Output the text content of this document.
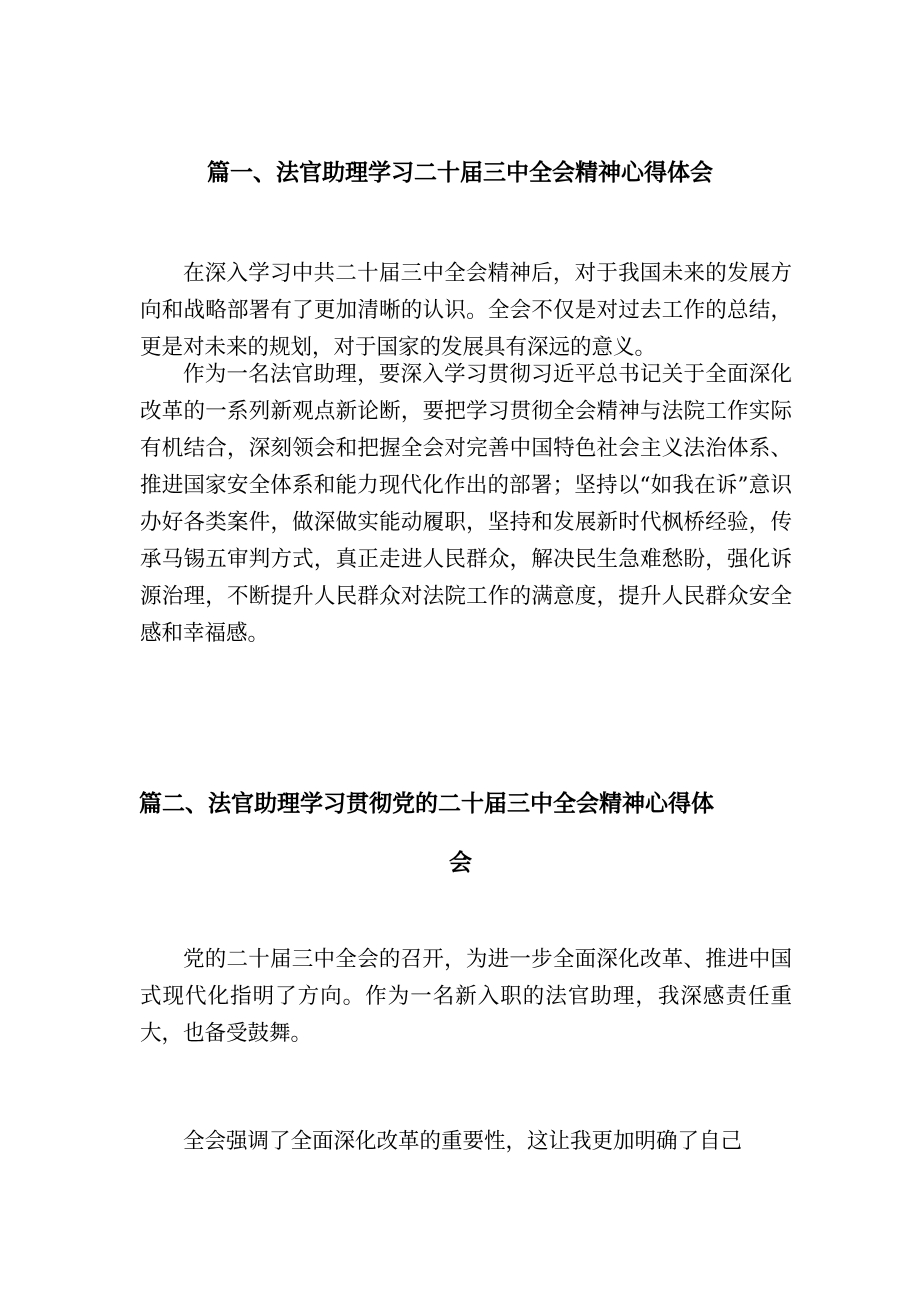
篇一、法官助理学习二十届三中全会精神心得体会

在深入学习中共二十届三中全会精神后，对于我国未来的发展方向和战略部署有了更加清晰的认识。全会不仅是对过去工作的总结，更是对未来的规划，对于国家的发展具有深远的意义。

作为一名法官助理，要深入学习贯彻习近平总书记关于全面深化改革的一系列新观点新论断，要把学习贯彻全会精神与法院工作实际有机结合，深刻领会和把握全会对完善中国特色社会主义法治体系、推进国家安全体系和能力现代化作出的部署；坚持以“如我在诉”意识办好各类案件，做深做实能动履职，坚持和发展新时代枫桥经验，传承马锡五审判方式，真正走进人民群众，解决民生急难愁盼，强化诉源治理，不断提升人民群众对法院工作的满意度，提升人民群众安全感和幸福感。

篇二、法官助理学习贯彻党的二十届三中全会精神心得体
会

党的二十届三中全会的召开，为进一步全面深化改革、推进中国式现代化指明了方向。作为一名新入职的法官助理，我深感责任重大，也备受鼓舞。

全会强调了全面深化改革的重要性，这让我更加明确了自己
